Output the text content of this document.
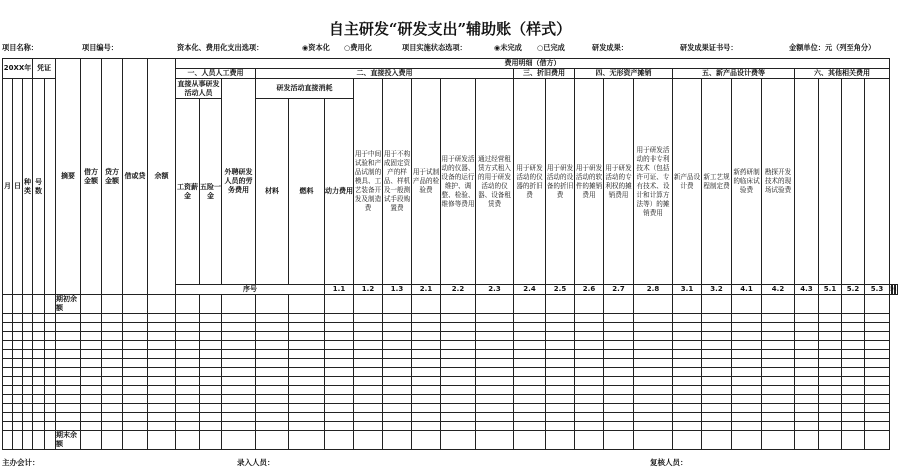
自主研发“研发支出”辅助账（样式）
项目名称：	项目编号：	资本化、费用化支出选项：	◉资本化 ○费用化	项目实施状态选项：	◉未完成 ○已完成	研发成果：	研发成果证书号：	金额单位：元（列至角分）
20XX年			凭证		摘要	借方金额	贷方金额	借或贷	余额	费用明细（借方）																										
										一、人员人工费用			二、直接投入费用								三、折旧费用		四、无形资产摊销			五、新产品设计费等				六、其他相关费用						
月	日	种类	号数							直接从事研发活动人员		外聘研发人员的劳务费用	研发活动直接消耗			用于中间试验和产品试制的模具、工艺装备开发及制造费	用于不构成固定资产的样品、样机及一般测试手段购置费	用于试制产品的检验费	用于研发活动的仪器、设备的运行维护、调整、检验、维修等费用	通过经营租赁方式租入的用于研发活动的仪器、设备租赁费	用于研发活动的仪器的折旧费	用于研发活动的设备的折旧费	用于研发活动的软件的摊销费用	用于研发活动的专利权的摊销费用	用于研发活动的非专利技术（包括许可证、专有技术、设计和计算方法等）的摊销费用	新产品设计费	新工艺规程制定费	新药研制的临床试验费	勘探开发技术的现场试验费							
										工资薪金	五险一金		材料	燃料	动力费用																					
										序号					1.1	1.2	1.3	2.1	2.2	2.3	2.4	2.5	2.6	2.7	2.8	3.1	3.2	4.1	4.2	4.3	5.1	5.2	5.3					
					期初余额																															

					期末余额																															
主办会计：	录入人员：	复核人员：
